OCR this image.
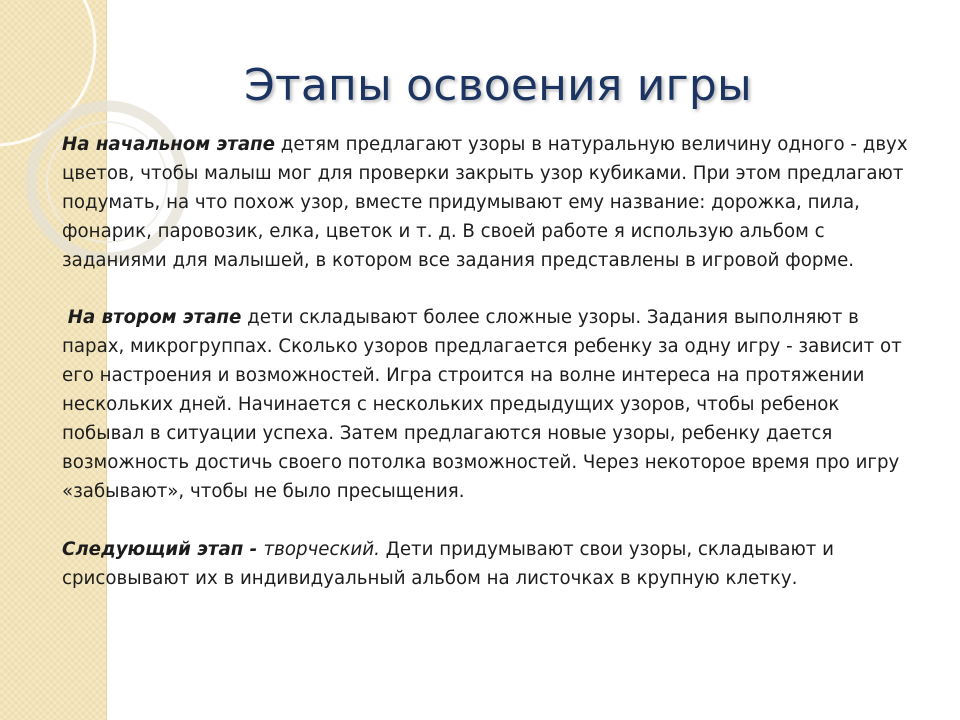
Этапы освоения игры

На начальном этапе детям предлагают узоры в натуральную величину одного - двух цветов, чтобы малыш мог для проверки закрыть узор кубиками. При этом предлагают подумать, на что похож узор, вместе придумывают ему название: дорожка, пила, фонарик, паровозик, елка, цветок и т. д. В своей работе я использую альбом с заданиями для малышей, в котором все задания представлены в игровой форме.

На втором этапе дети складывают более сложные узоры. Задания выполняют в парах, микрогруппах. Сколько узоров предлагается ребенку за одну игру - зависит от его настроения и возможностей. Игра строится на волне интереса на протяжении нескольких дней. Начинается с нескольких предыдущих узоров, чтобы ребенок побывал в ситуации успеха. Затем предлагаются новые узоры, ребенку дается возможность достичь своего потолка возможностей. Через некоторое время про игру «забывают», чтобы не было пресыщения.

Следующий этап - творческий. Дети придумывают свои узоры, складывают и срисовывают их в индивидуальный альбом на листочках в крупную клетку.
